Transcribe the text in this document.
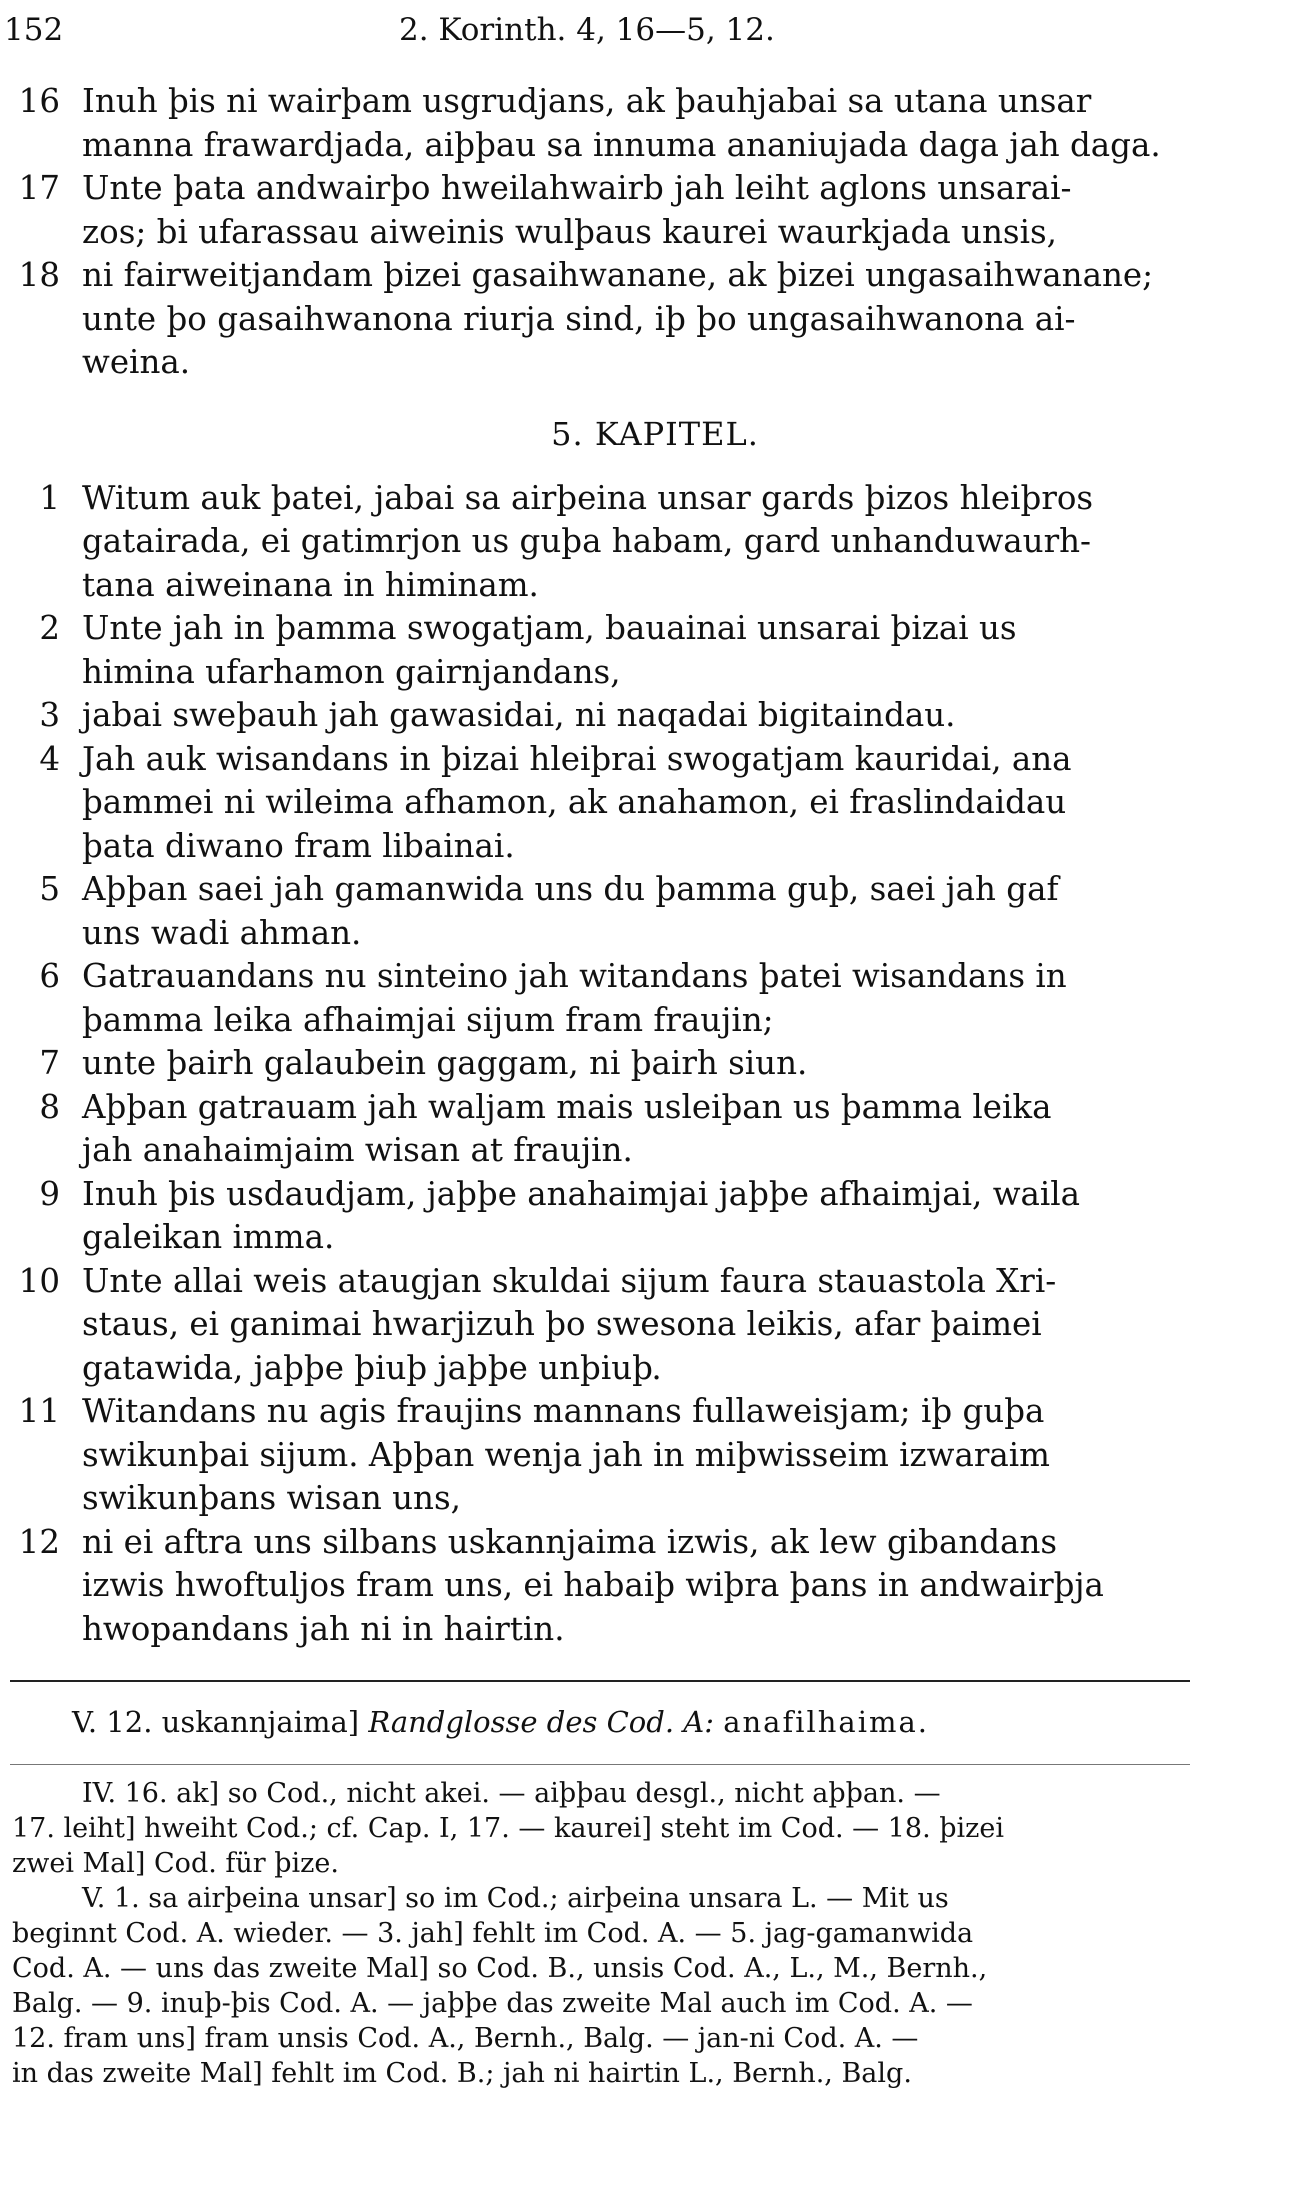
152	2. Korinth. 4, 16—5, 12.
16 Inuh þis ni wairþam usgrudjans, ak þauhjabai sa utana unsar
manna frawardjada, aiþþau sa innuma ananiujada daga jah daga.
17 Unte þata andwairþo hweilahwairb jah leiht aglons unsarai-
zos; bi ufarassau aiweinis wulþaus kaurei waurkjada unsis,
18 ni fairweitjandam þizei gasaihwanane, ak þizei ungasaihwanane;
unte þo gasaihwanona riurja sind, iþ þo ungasaihwanona ai-
weina.
5. KAPITEL.
1 Witum auk þatei, jabai sa airþeina unsar gards þizos hleiþros
gatairada, ei gatimrjon us guþa habam, gard unhanduwaurh-
tana aiweinana in himinam.
2 Unte jah in þamma swogatjam, bauainai unsarai þizai us
himina ufarhamon gairnjandans,
3 jabai sweþauh jah gawasidai, ni naqadai bigitaindau.
4 Jah auk wisandans in þizai hleiþrai swogatjam kauridai, ana
þammei ni wileima afhamon, ak anahamon, ei fraslindaidau
þata diwano fram libainai.
5 Aþþan saei jah gamanwida uns du þamma guþ, saei jah gaf
uns wadi ahman.
6 Gatrauandans nu sinteino jah witandans þatei wisandans in
þamma leika afhaimjai sijum fram fraujin;
7 unte þairh galaubein gaggam, ni þairh siun.
8 Aþþan gatrauam jah waljam mais usleiþan us þamma leika
jah anahaimjaim wisan at fraujin.
9 Inuh þis usdaudjam, jaþþe anahaimjai jaþþe afhaimjai, waila
galeikan imma.
10 Unte allai weis ataugjan skuldai sijum faura stauastola Xri-
staus, ei ganimai hwarjizuh þo swesona leikis, afar þaimei
gatawida, jaþþe þiuþ jaþþe unþiuþ.
11 Witandans nu agis fraujins mannans fullaweisjam; iþ guþa
swikunþai sijum. Aþþan wenja jah in miþwisseim izwaraim
swikunþans wisan uns,
12 ni ei aftra uns silbans uskannjaima izwis, ak lew gibandans
izwis hwoftuljos fram uns, ei habaiþ wiþra þans in andwairþja
hwopandans jah ni in hairtin.
V. 12. uskannjaima] Randglosse des Cod. A: anafilhaima.
IV. 16. ak] so Cod., nicht akei. — aiþþau desgl., nicht aþþan. —
17. leiht] hweiht Cod.; cf. Cap. I, 17. — kaurei] steht im Cod. — 18. þizei
zwei Mal] Cod. für þize.
V. 1. sa airþeina unsar] so im Cod.; airþeina unsara L. — Mit us
beginnt Cod. A. wieder. — 3. jah] fehlt im Cod. A. — 5. jag-gamanwida
Cod. A. — uns das zweite Mal] so Cod. B., unsis Cod. A., L., M., Bernh.,
Balg. — 9. inuþ-þis Cod. A. — jaþþe das zweite Mal auch im Cod. A. —
12. fram uns] fram unsis Cod. A., Bernh., Balg. — jan-ni Cod. A. —
in das zweite Mal] fehlt im Cod. B.; jah ni hairtin L., Bernh., Balg.
